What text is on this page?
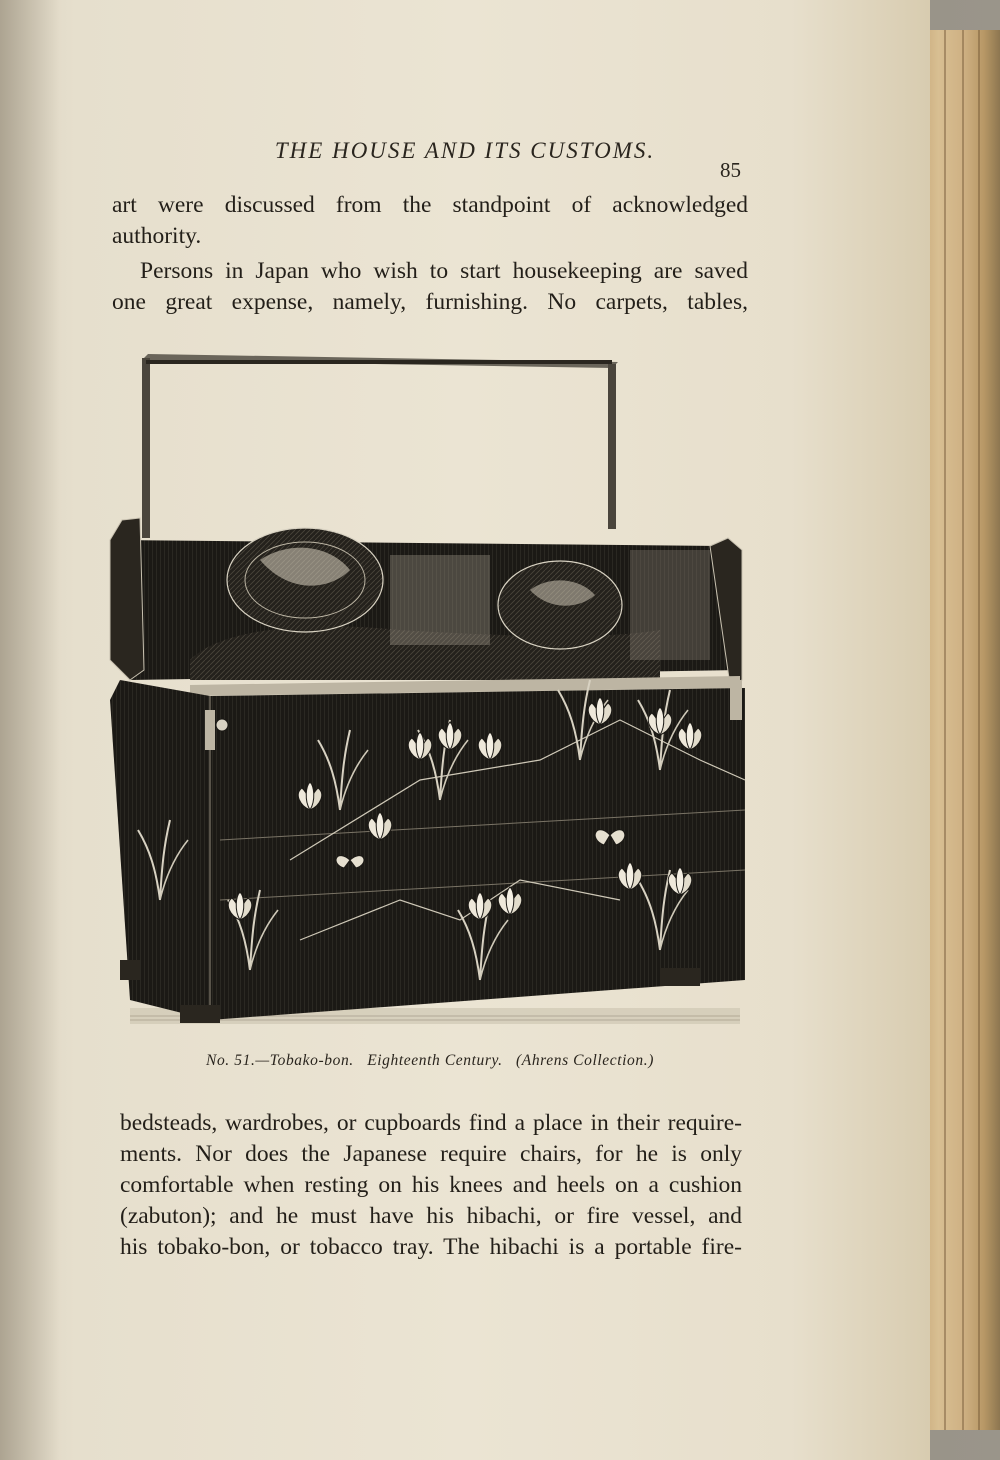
THE HOUSE AND ITS CUSTOMS.
85

art were discussed from the standpoint of acknowledged
authority.

Persons in Japan who wish to start housekeeping are saved
one great expense, namely, furnishing. No carpets, tables,

No. 51.—Tobako-bon.   Eighteenth Century.   (Ahrens Collection.)

bedsteads, wardrobes, or cupboards find a place in their require-
ments. Nor does the Japanese require chairs, for he is only
comfortable when resting on his knees and heels on a cushion
(zabuton); and he must have his hibachi, or fire vessel, and
his tobako-bon, or tobacco tray. The hibachi is a portable fire-
